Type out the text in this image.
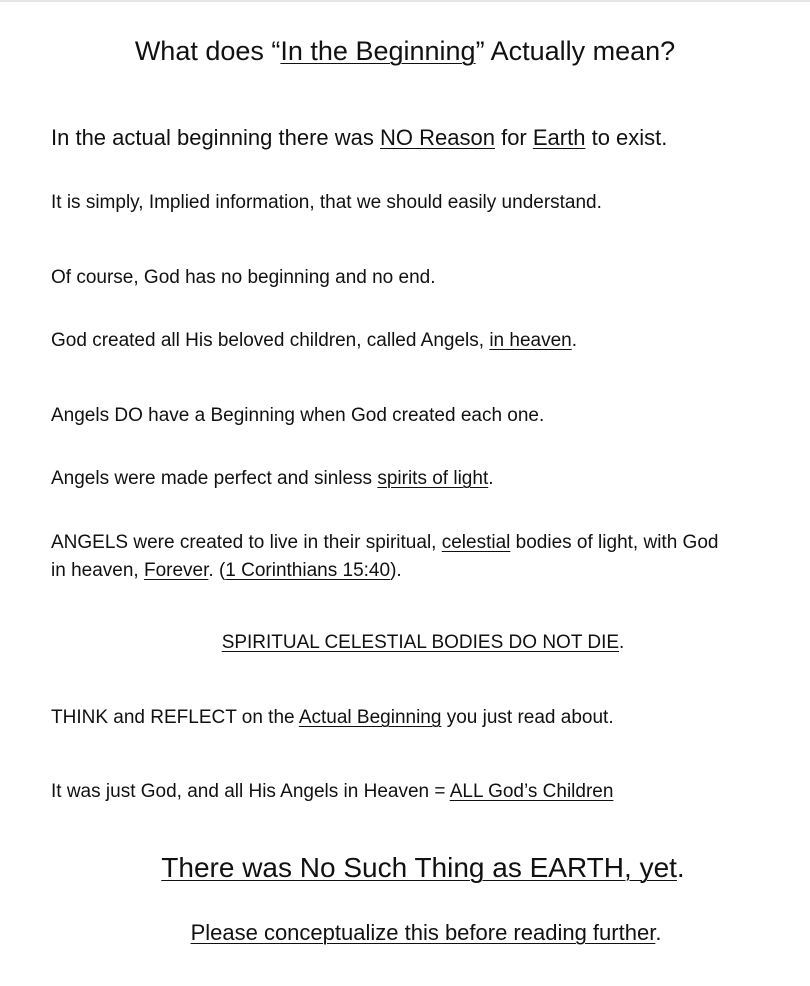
What does “In the Beginning” Actually mean?

In the actual beginning there was NO Reason for Earth to exist.

It is simply, Implied information, that we should easily understand.

Of course, God has no beginning and no end.

God created all His beloved children, called Angels, in heaven.

Angels DO have a Beginning when God created each one.

Angels were made perfect and sinless spirits of light.

ANGELS were created to live in their spiritual, celestial bodies of light, with God

in heaven, Forever. (1 Corinthians 15:40).

SPIRITUAL CELESTIAL BODIES DO NOT DIE.

THINK and REFLECT on the Actual Beginning you just read about.

It was just God, and all His Angels in Heaven = ALL God’s Children

There was No Such Thing as EARTH, yet.

Please conceptualize this before reading further.
